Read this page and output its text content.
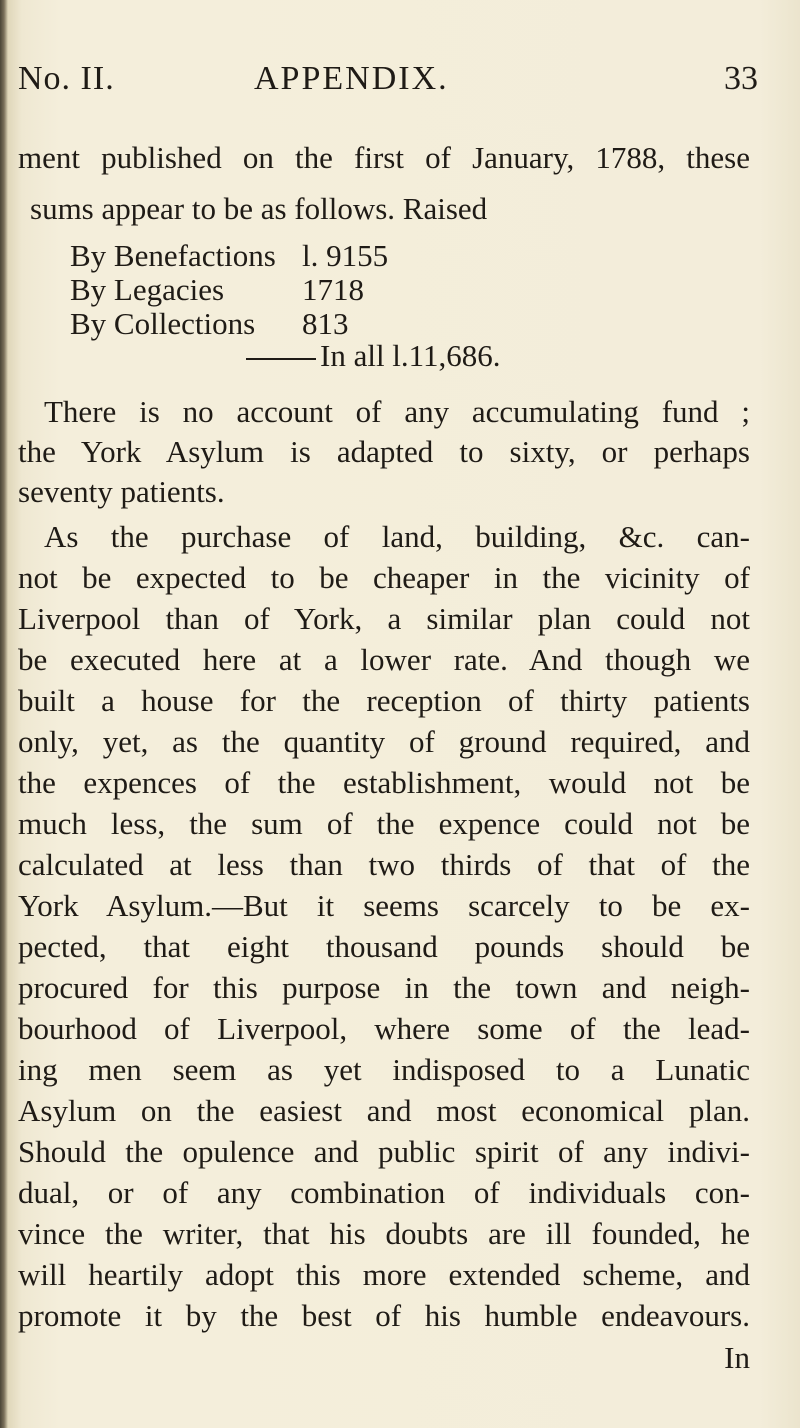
No. II.	APPENDIX.	33
ment published on the first of January, 1788, these
sums appear to be as follows. Raised
By Benefactions l. 9155
By Legacies	1718
By Collections 813
In all l.11,686.
There is no account of any accumulating fund ;
the York Asylum is adapted to sixty, or perhaps
seventy patients.
As the purchase of land, building, &c. can-
not be expected to be cheaper in the vicinity of
Liverpool than of York, a similar plan could not
be executed here at a lower rate. And though we
built a house for the reception of thirty patients
only, yet, as the quantity of ground required, and
the expences of the establishment, would not be
much less, the sum of the expence could not be
calculated at less than two thirds of that of the
York Asylum.—But it seems scarcely to be ex-
pected, that eight thousand pounds should be
procured for this purpose in the town and neigh-
bourhood of Liverpool, where some of the lead-
ing men seem as yet indisposed to a Lunatic
Asylum on the easiest and most economical plan.
Should the opulence and public spirit of any indivi-
dual, or of any combination of individuals con-
vince the writer, that his doubts are ill founded, he
will heartily adopt this more extended scheme, and
promote it by the best of his humble endeavours.
In
